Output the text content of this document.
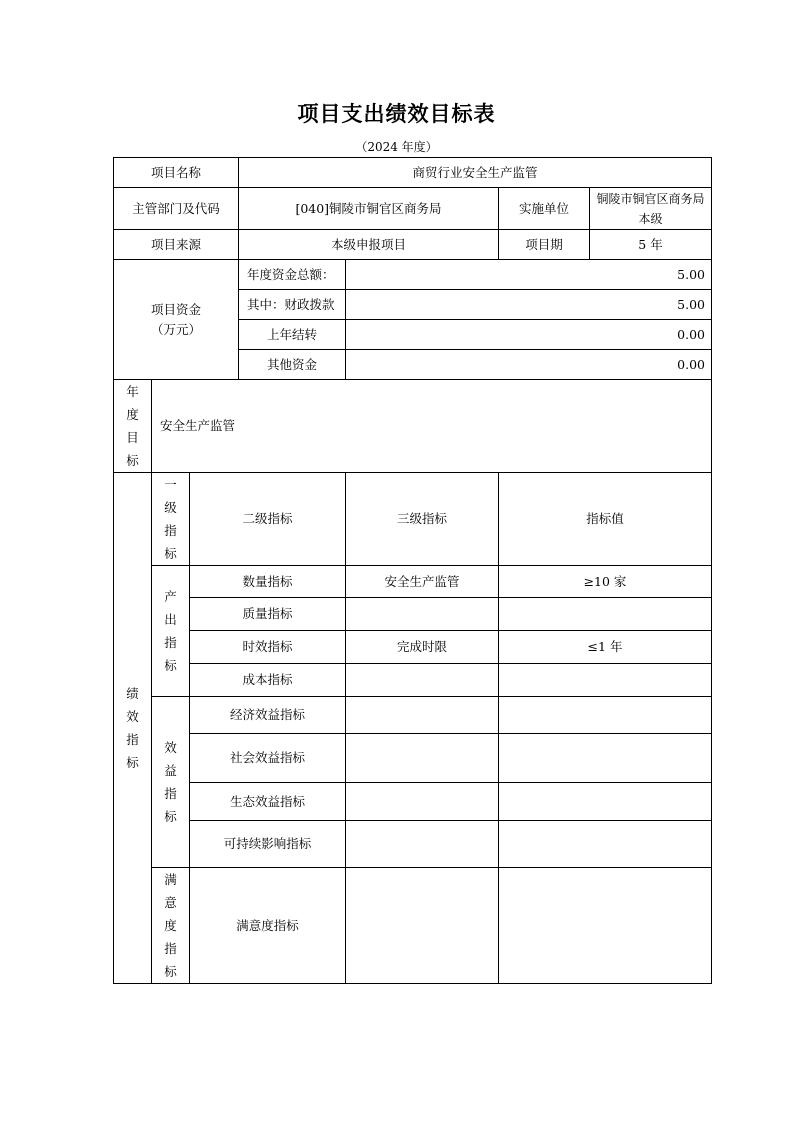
项目支出绩效目标表
（2024 年度）
项目名称			商贸行业安全生产监管			
主管部门及代码			[040]铜陵市铜官区商务局		实施单位	铜陵市铜官区商务局本级
项目来源			本级申报项目		项目期	5 年

项目资金
（万元）			年度资金总额：	5.00		
			其中：财政拨款	5.00		
			上年结转	0.00		
			其他资金	0.00		

年度目标	安全生产监管					

绩效指标	一级指标	二级指标		三级指标	指标值	

	产出指标	数量指标		安全生产监管	≥10 家	
		质量指标				
		时效指标		完成时限	≤1 年	
		成本指标				

	效益指标	经济效益指标				
		社会效益指标				
		生态效益指标				
		可持续影响指标				

	满意度指标	满意度指标				
